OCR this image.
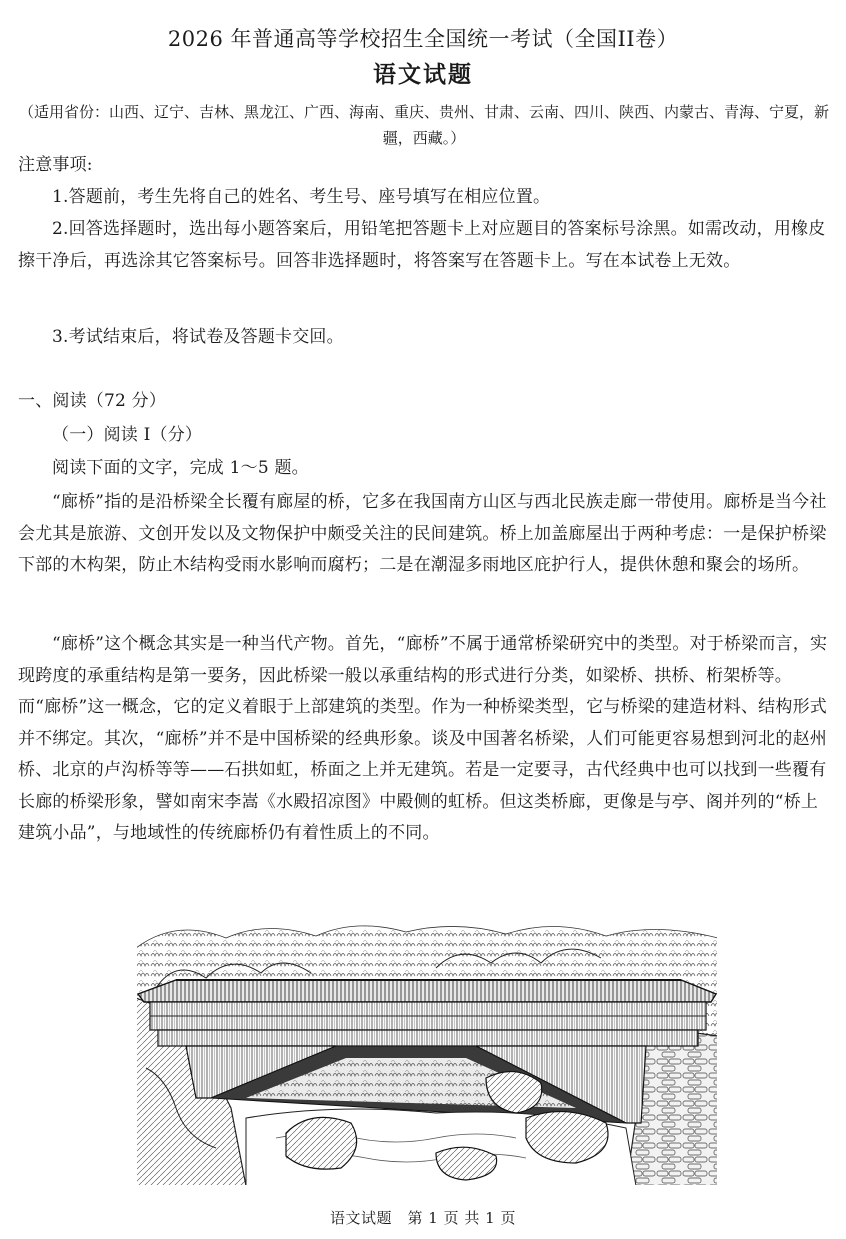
2026 年普通高等学校招生全国统一考试（全国II卷）
语文试题
（适用省份：山西、辽宁、吉林、黑龙江、广西、海南、重庆、贵州、甘肃、云南、四川、陕西、内蒙古、青海、宁夏，新疆，西藏。）
注意事项:

1.答题前，考生先将自己的姓名、考生号、座号填写在相应位置。

2.回答选择题时，选出每小题答案后，用铅笔把答题卡上对应题目的答案标号涂黑。如需改动，用橡皮擦干净后，再选涂其它答案标号。回答非选择题时，将答案写在答题卡上。写在本试卷上无效。

3.考试结束后，将试卷及答题卡交回。

一、阅读（72 分）

（一）阅读 I（分）

阅读下面的文字，完成 1～5 题。

“廊桥”指的是沿桥梁全长覆有廊屋的桥，它多在我国南方山区与西北民族走廊一带使用。廊桥是当今社会尤其是旅游、文创开发以及文物保护中颇受关注的民间建筑。桥上加盖廊屋出于两种考虑：一是保护桥梁下部的木构架，防止木结构受雨水影响而腐朽；二是在潮湿多雨地区庇护行人，提供休憩和聚会的场所。

“廊桥”这个概念其实是一种当代产物。首先，“廊桥”不属于通常桥梁研究中的类型。对于桥梁而言，实现跨度的承重结构是第一要务，因此桥梁一般以承重结构的形式进行分类，如梁桥、拱桥、桁架桥等。而“廊桥”这一概念，它的定义着眼于上部建筑的类型。作为一种桥梁类型，它与桥梁的建造材料、结构形式并不绑定。其次，“廊桥”并不是中国桥梁的经典形象。谈及中国著名桥梁，人们可能更容易想到河北的赵州桥、北京的卢沟桥等等——石拱如虹，桥面之上并无建筑。若是一定要寻，古代经典中也可以找到一些覆有长廊的桥梁形象，譬如南宋李嵩《水殿招凉图》中殿侧的虹桥。但这类桥廊，更像是与亭、阁并列的“桥上建筑小品”，与地域性的传统廊桥仍有着性质上的不同。

语文试题　第 1 页 共 1 页
